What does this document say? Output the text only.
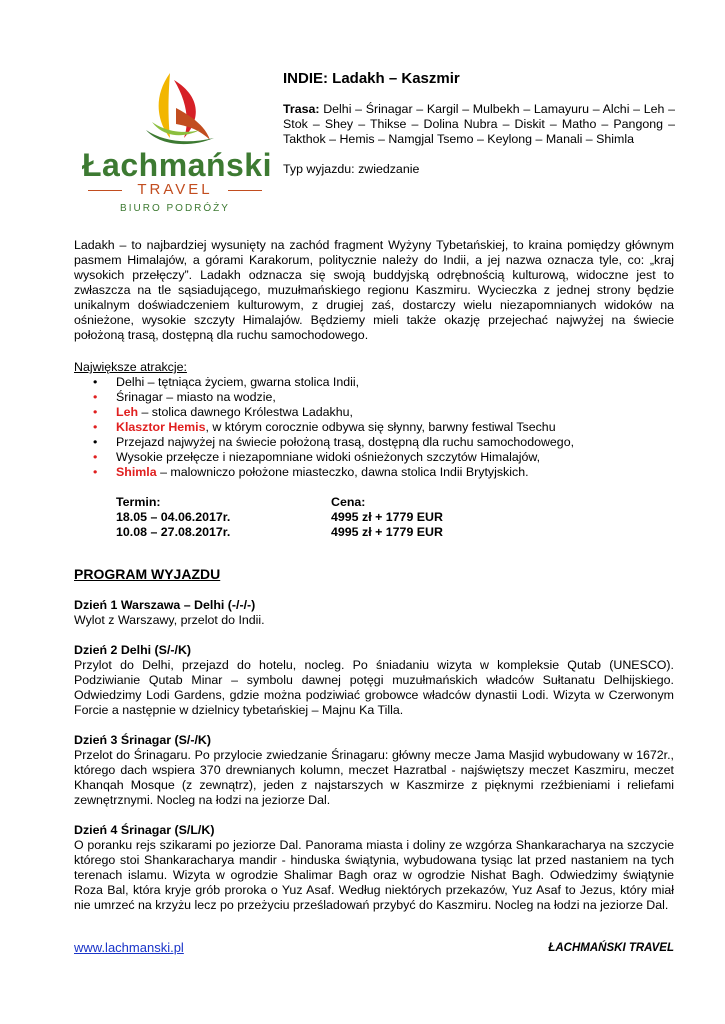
Łachmański
TRAVEL
BIURO PODRÓŻY

INDIE: Ladakh – Kaszmir

Trasa: Delhi – Śrinagar – Kargil – Mulbekh – Lamayuru – Alchi – Leh – Stok – Shey – Thikse – Dolina Nubra – Diskit – Matho – Pangong – Takthok – Hemis – Namgjal Tsemo – Keylong – Manali – Shimla

Typ wyjazdu: zwiedzanie

Ladakh – to najbardziej wysunięty na zachód fragment Wyżyny Tybetańskiej, to kraina pomiędzy głównym pasmem Himalajów, a górami Karakorum, politycznie należy do Indii, a jej nazwa oznacza tyle, co: „kraj wysokich przełęczy”. Ladakh odznacza się swoją buddyjską odrębnością kulturową, widoczne jest to zwłaszcza na tle sąsiadującego, muzułmańskiego regionu Kaszmiru. Wycieczka z jednej strony będzie unikalnym doświadczeniem kulturowym, z drugiej zaś, dostarczy wielu niezapomnianych widoków na ośnieżone, wysokie szczyty Himalajów. Będziemy mieli także okazję przejechać najwyżej na świecie położoną trasą, dostępną dla ruchu samochodowego.

Największe atrakcje:

• Delhi – tętniąca życiem, gwarna stolica Indii,
• Śrinagar – miasto na wodzie,
• Leh – stolica dawnego Królestwa Ladakhu,
• Klasztor Hemis, w którym corocznie odbywa się słynny, barwny festiwal Tsechu
• Przejazd najwyżej na świecie położoną trasą, dostępną dla ruchu samochodowego,
• Wysokie przełęcze i niezapomniane widoki ośnieżonych szczytów Himalajów,
• Shimla – malowniczo położone miasteczko, dawna stolica Indii Brytyjskich.
Termin:	Cena:
18.05 – 04.06.2017r.	4995 zł + 1779 EUR
10.08 – 27.08.2017r.	4995 zł + 1779 EUR

PROGRAM WYJAZDU

Dzień 1 Warszawa – Delhi (-/-/-)

Wylot z Warszawy, przelot do Indii.

Dzień 2 Delhi (S/-/K)

Przylot do Delhi, przejazd do hotelu, nocleg. Po śniadaniu wizyta w kompleksie Qutab (UNESCO). Podziwianie Qutab Minar – symbolu dawnej potęgi muzułmańskich władców Sułtanatu Delhijskiego. Odwiedzimy Lodi Gardens, gdzie można podziwiać grobowce władców dynastii Lodi. Wizyta w Czerwonym Forcie a następnie w dzielnicy tybetańskiej – Majnu Ka Tilla.

Dzień 3 Śrinagar (S/-/K)

Przelot do Śrinagaru. Po przylocie zwiedzanie Śrinagaru: główny mecze Jama Masjid wybudowany w 1672r., którego dach wspiera 370 drewnianych kolumn, meczet Hazratbal - najświętszy meczet Kaszmiru, meczet Khanqah Mosque (z zewnątrz), jeden z najstarszych w Kaszmirze z pięknymi rzeźbieniami i reliefami zewnętrznymi. Nocleg na łodzi na jeziorze Dal.

Dzień 4 Śrinagar (S/L/K)

O poranku rejs szikarami po jeziorze Dal. Panorama miasta i doliny ze wzgórza Shankaracharya na szczycie którego stoi Shankaracharya mandir - hinduska świątynia, wybudowana tysiąc lat przed nastaniem na tych terenach islamu. Wizyta w ogrodzie Shalimar Bagh oraz w ogrodzie Nishat Bagh. Odwiedzimy świątynie Roza Bal, która kryje grób proroka o Yuz Asaf. Według niektórych przekazów, Yuz Asaf to Jezus, który miał nie umrzeć na krzyżu lecz po przeżyciu prześladowań przybyć do Kaszmiru. Nocleg na łodzi na jeziorze Dal.

www.lachmanski.pl	ŁACHMAŃSKI TRAVEL
